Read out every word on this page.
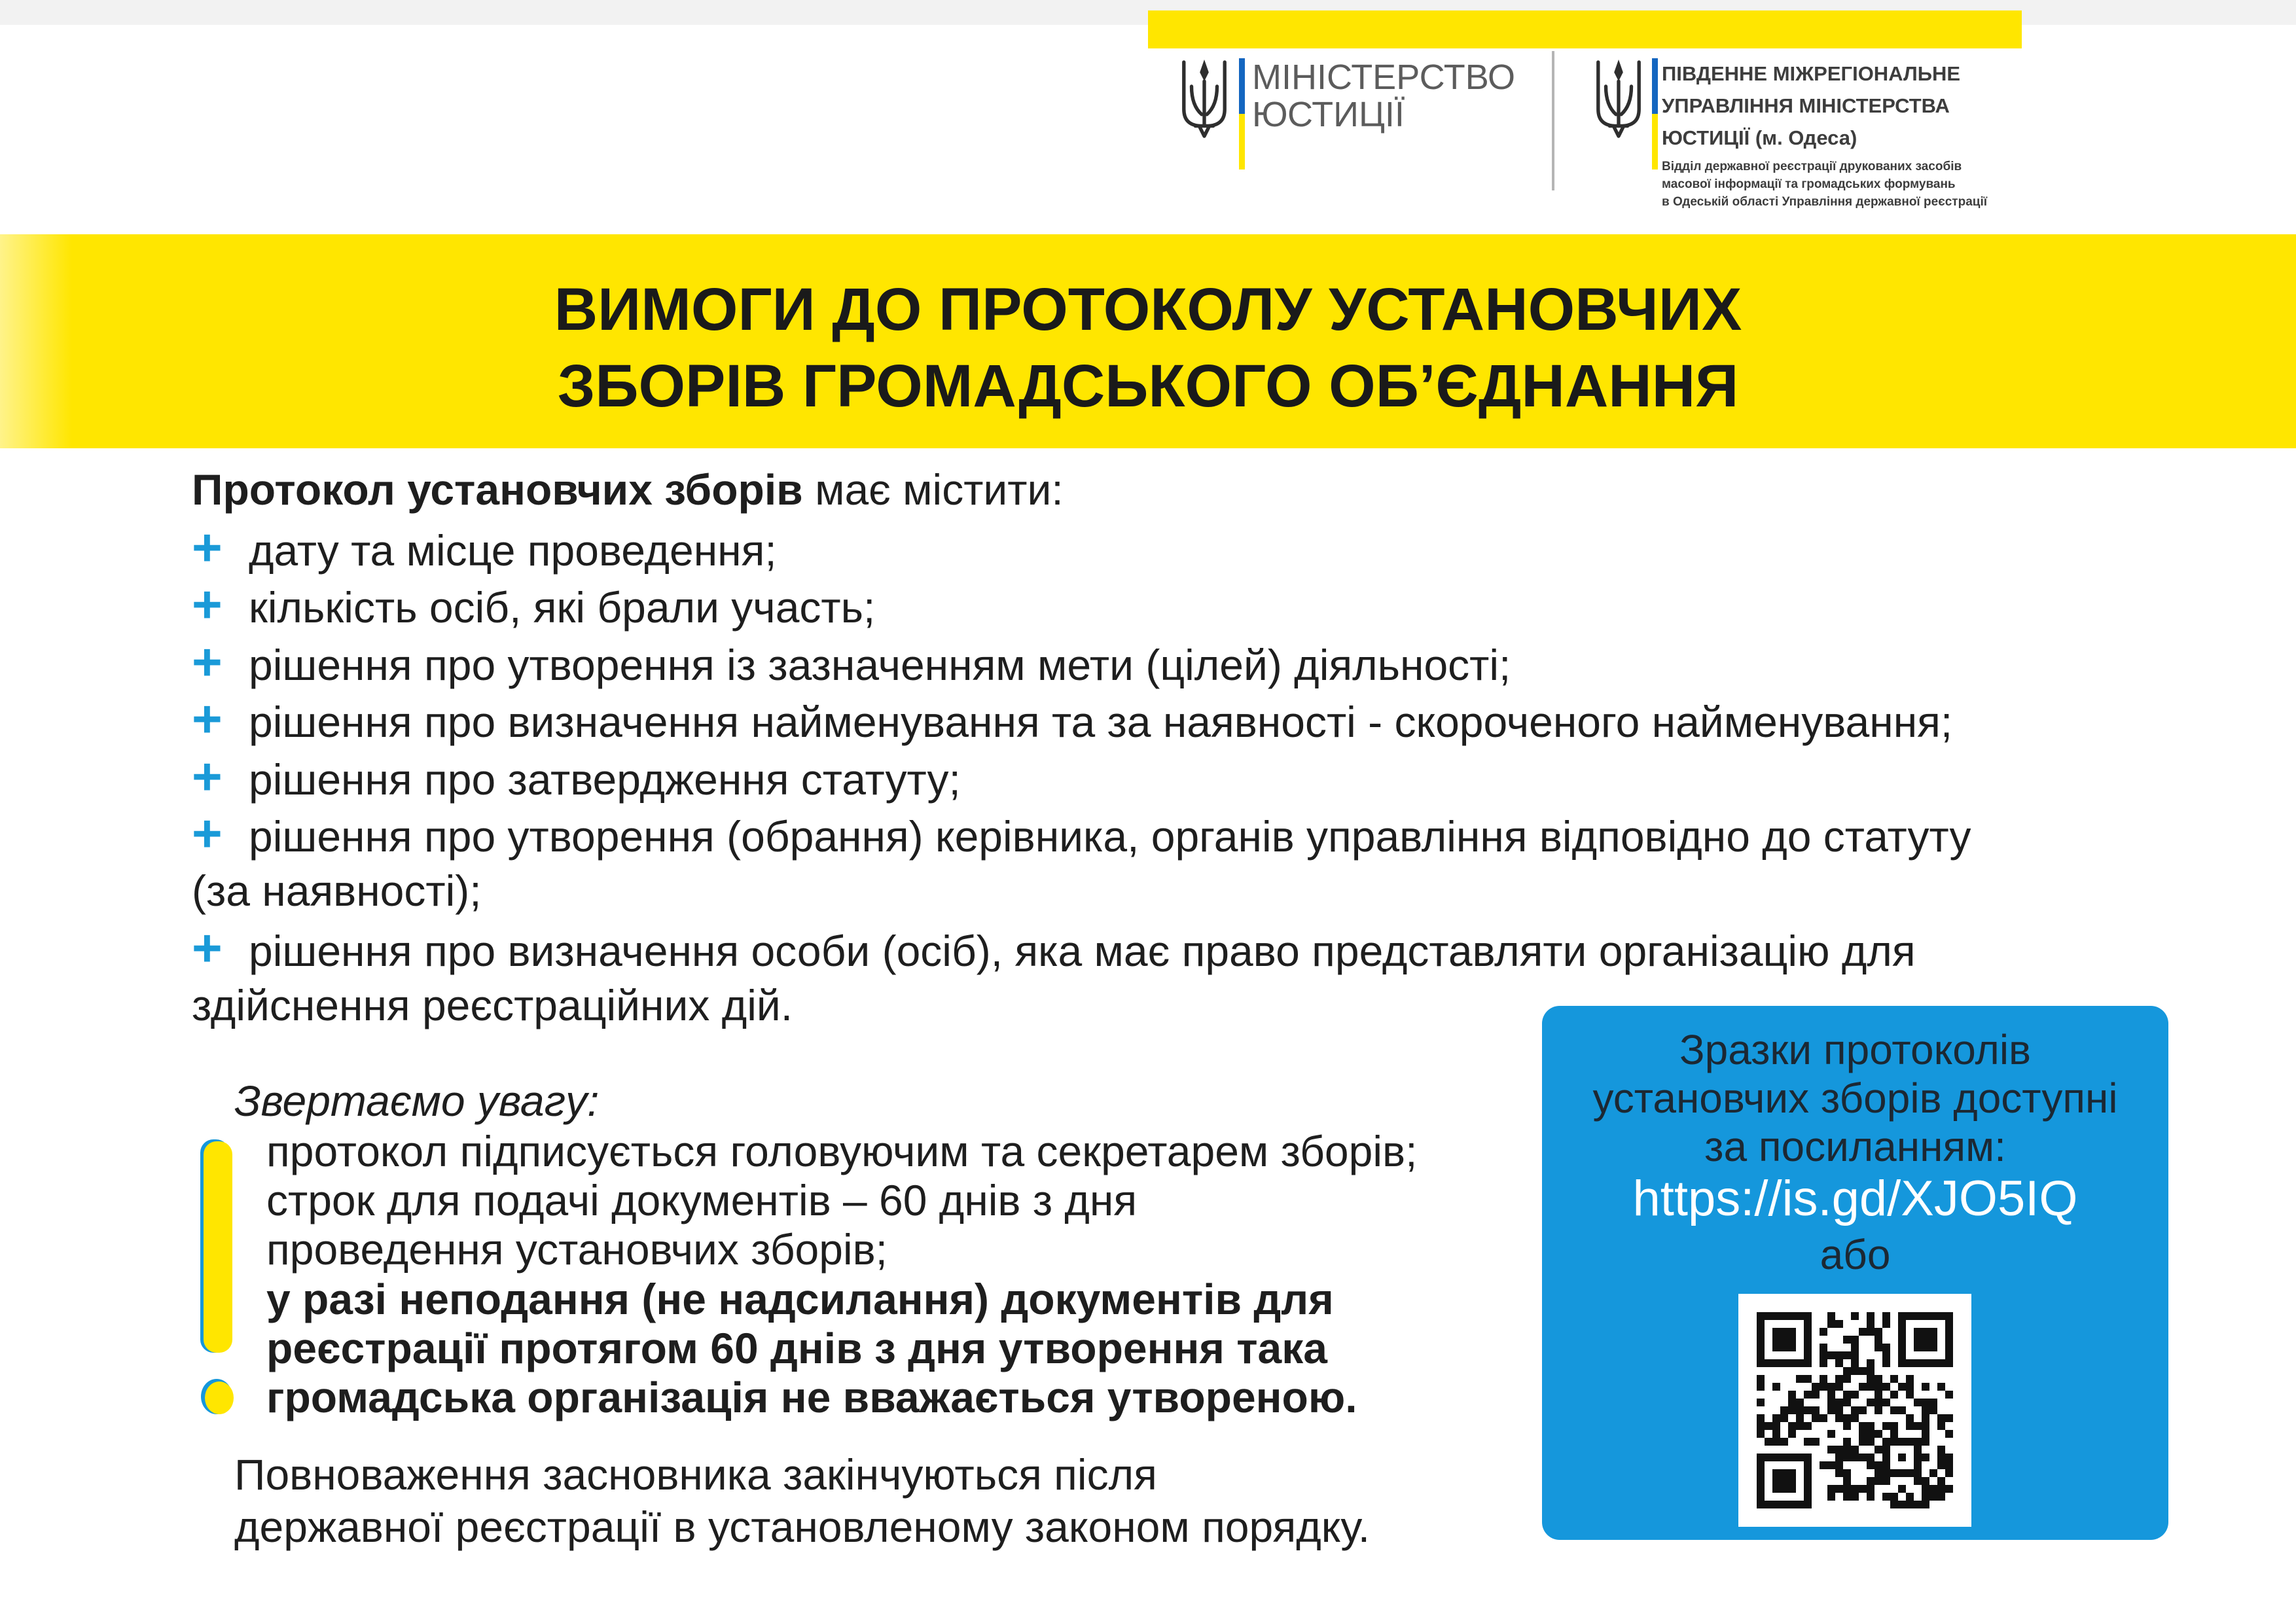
МІНІСТЕРСТВО
ЮСТИЦІЇ
ПІВДЕННЕ МІЖРЕГІОНАЛЬНЕ
УПРАВЛІННЯ МІНІСТЕРСТВА
ЮСТИЦІЇ (м. Одеса)
Відділ державної реєстрації друкованих засобів
масової інформації та громадських формувань
в Одеській області Управління державної реєстрації
ВИМОГИ ДО ПРОТОКОЛУ УСТАНОВЧИХ
ЗБОРІВ ГРОМАДСЬКОГО ОБ’ЄДНАННЯ
Протокол установчих зборів має містити:
+ дату та місце проведення;
+ кількість осіб, які брали участь;
+ рішення про утворення із зазначенням мети (цілей) діяльності;
+ рішення про визначення найменування та за наявності - скороченого найменування;
+ рішення про затвердження статуту;
+ рішення про утворення (обрання) керівника, органів управління відповідно до статуту
(за наявності);
+ рішення про визначення особи (осіб), яка має право представляти організацію для
здійснення реєстраційних дій.
Звертаємо увагу:
протокол підписується головуючим та секретарем зборів;
строк для подачі документів – 60 днів з дня
проведення установчих зборів;
у разі неподання (не надсилання) документів для
реєстрації протягом 60 днів з дня утворення така
громадська організація не вважається утвореною.
Повноваження засновника закінчуються після
державної реєстрації в установленому законом порядку.
Зразки протоколів
установчих зборів доступні
за посиланням:
https://is.gd/XJO5IQ
або
